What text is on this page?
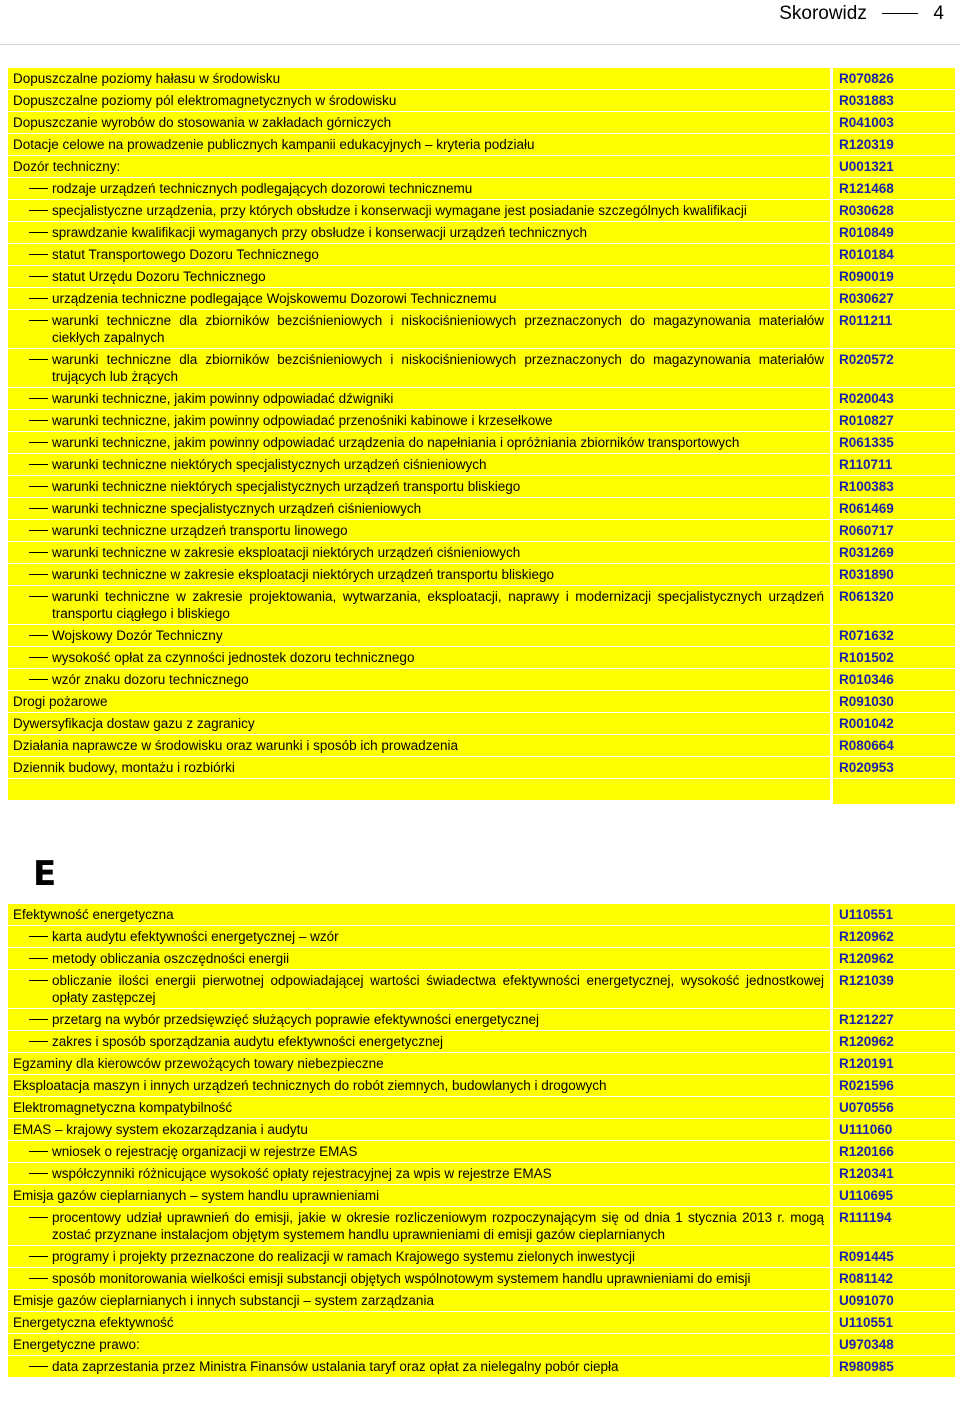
Skorowidz	4
Dopuszczalne poziomy hałasu w środowisku	R070826
Dopuszczalne poziomy pól elektromagnetycznych w środowisku	R031883
Dopuszczanie wyrobów do stosowania w zakładach górniczych	R041003
Dotacje celowe na prowadzenie publicznych kampanii edukacyjnych – kryteria podziału	R120319
Dozór techniczny:	U001321
rodzaje urządzeń technicznych podlegających dozorowi technicznemu	R121468
specjalistyczne urządzenia, przy których obsłudze i konserwacji wymagane jest posiadanie szczególnych kwalifikacji	R030628
sprawdzanie kwalifikacji wymaganych przy obsłudze i konserwacji urządzeń technicznych	R010849
statut Transportowego Dozoru Technicznego	R010184
statut Urzędu Dozoru Technicznego	R090019
urządzenia techniczne podlegające Wojskowemu Dozorowi Technicznemu	R030627
warunki techniczne dla zbiorników bezciśnieniowych i niskociśnieniowych przeznaczonych do magazynowania materiałów ciekłych zapalnych
R011211
warunki techniczne dla zbiorników bezciśnieniowych i niskociśnieniowych przeznaczonych do magazynowania materiałów trujących lub żrących
R020572
warunki techniczne, jakim powinny odpowiadać dźwigniki	R020043
warunki techniczne, jakim powinny odpowiadać przenośniki kabinowe i krzesełkowe	R010827
warunki techniczne, jakim powinny odpowiadać urządzenia do napełniania i opróżniania zbiorników transportowych	R061335
warunki techniczne niektórych specjalistycznych urządzeń ciśnieniowych	R110711
warunki techniczne niektórych specjalistycznych urządzeń transportu bliskiego	R100383
warunki techniczne specjalistycznych urządzeń ciśnieniowych	R061469
warunki techniczne urządzeń transportu linowego	R060717
warunki techniczne w zakresie eksploatacji niektórych urządzeń ciśnieniowych	R031269
warunki techniczne w zakresie eksploatacji niektórych urządzeń transportu bliskiego	R031890
warunki techniczne w zakresie projektowania, wytwarzania, eksploatacji, naprawy i modernizacji specjalistycznych urządzeń transportu ciągłego i bliskiego
R061320
Wojskowy Dozór Techniczny	R071632
wysokość opłat za czynności jednostek dozoru technicznego	R101502
wzór znaku dozoru technicznego	R010346
Drogi pożarowe	R091030
Dywersyfikacja dostaw gazu z zagranicy	R001042
Działania naprawcze w środowisku oraz warunki i sposób ich prowadzenia	R080664
Dziennik budowy, montażu i rozbiórki	R020953
E
Efektywność energetyczna	U110551
karta audytu efektywności energetycznej – wzór	R120962
metody obliczania oszczędności energii	R120962
obliczanie ilości energii pierwotnej odpowiadającej wartości świadectwa efektywności energetycznej, wysokość jednostkowej opłaty zastępczej
R121039
przetarg na wybór przedsięwzięć służących poprawie efektywności energetycznej	R121227
zakres i sposób sporządzania audytu efektywności energetycznej	R120962
Egzaminy dla kierowców przewożących towary niebezpieczne	R120191
Eksploatacja maszyn i innych urządzeń technicznych do robót ziemnych, budowlanych i drogowych	R021596
Elektromagnetyczna kompatybilność	U070556
EMAS – krajowy system ekozarządzania i audytu	U111060
wniosek o rejestrację organizacji w rejestrze EMAS	R120166
współczynniki różnicujące wysokość opłaty rejestracyjnej za wpis w rejestrze EMAS	R120341
Emisja gazów cieplarnianych – system handlu uprawnieniami	U110695
procentowy udział uprawnień do emisji, jakie w okresie rozliczeniowym rozpoczynającym się od dnia 1 stycznia 2013 r. mogą zostać przyznane instalacjom objętym systemem handlu uprawnieniami di emisji gazów cieplarnianych
R111194
programy i projekty przeznaczone do realizacji w ramach Krajowego systemu zielonych inwestycji	R091445
sposób monitorowania wielkości emisji substancji objętych wspólnotowym systemem handlu uprawnieniami do emisji	R081142
Emisje gazów cieplarnianych i innych substancji – system zarządzania	U091070
Energetyczna efektywność	U110551
Energetyczne prawo:	U970348
data zaprzestania przez Ministra Finansów ustalania taryf oraz opłat za nielegalny pobór ciepła	R980985
